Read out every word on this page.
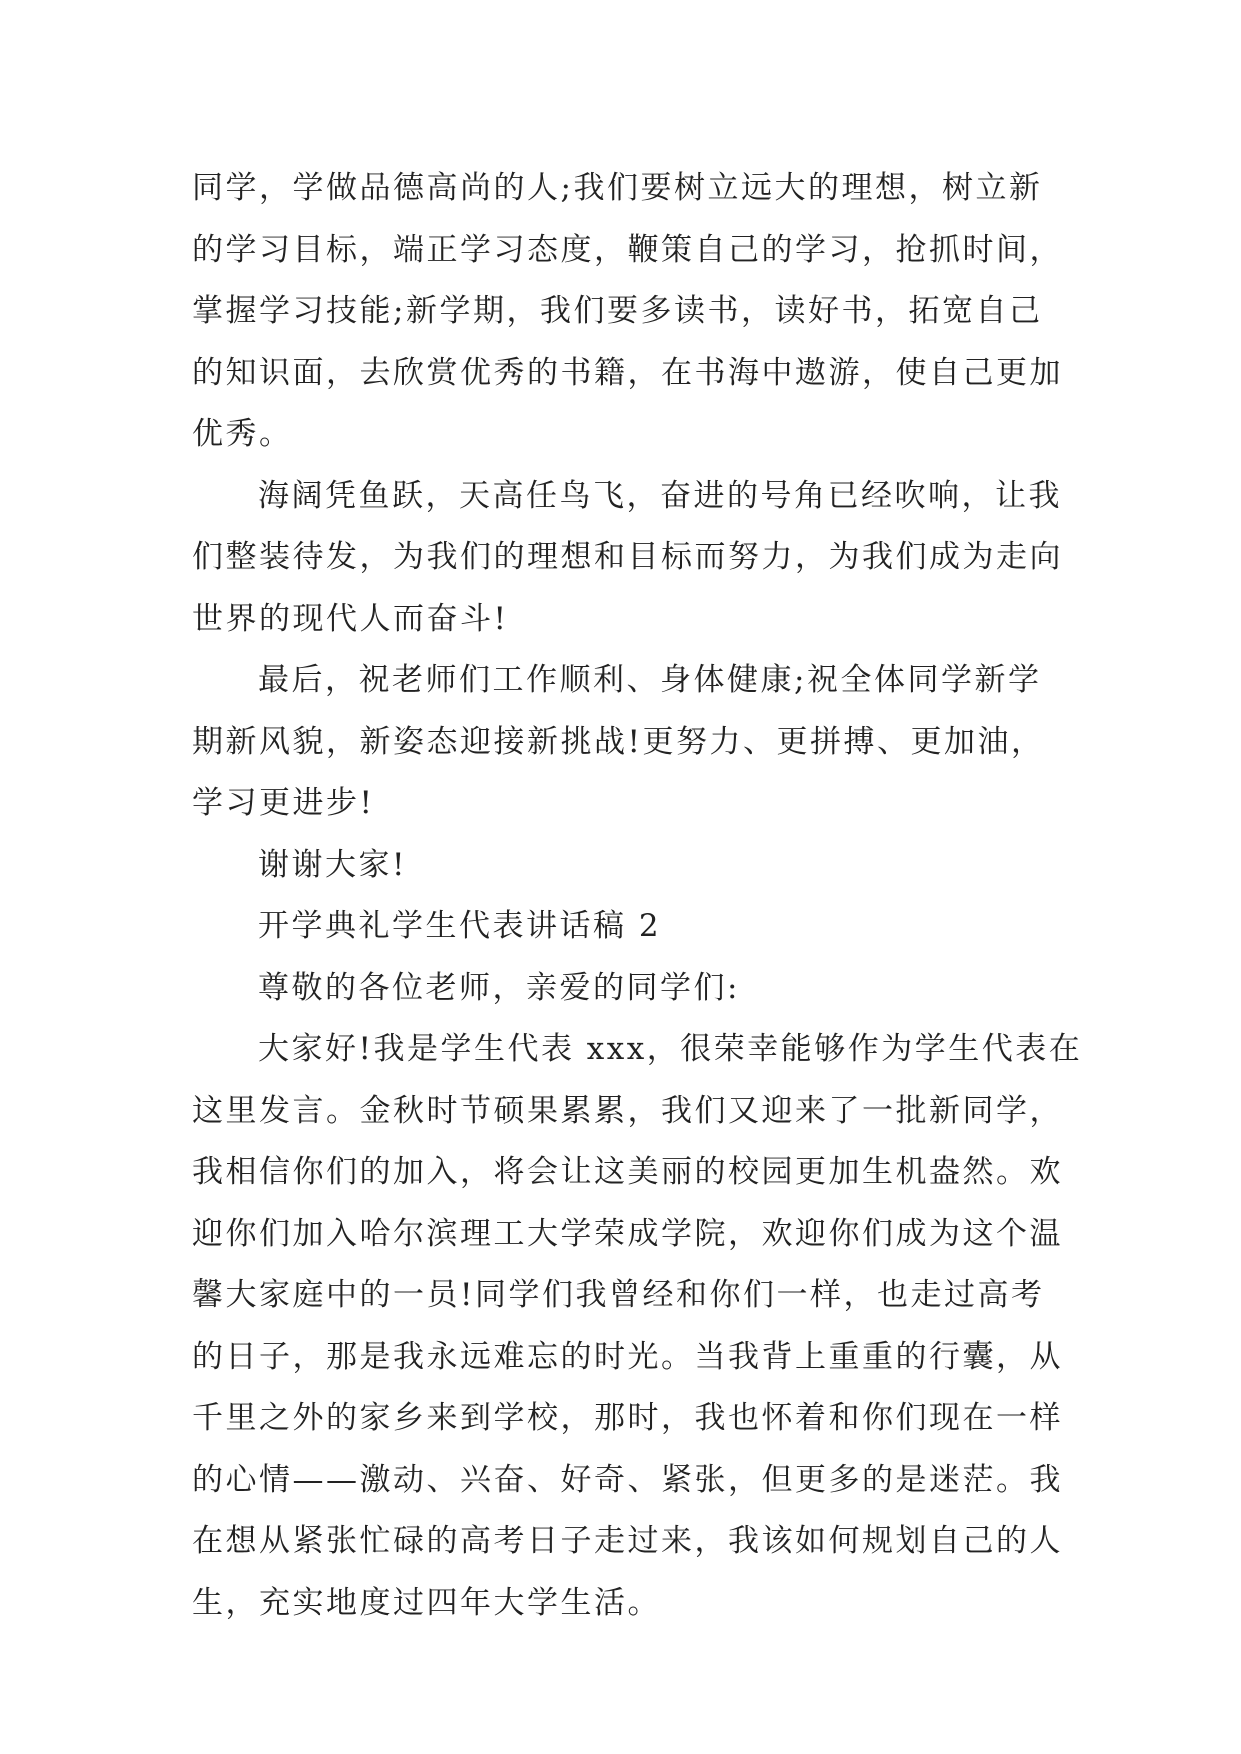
同学，学做品德高尚的人;我们要树立远大的理想，树立新
的学习目标，端正学习态度，鞭策自己的学习，抢抓时间，
掌握学习技能;新学期，我们要多读书，读好书，拓宽自己
的知识面，去欣赏优秀的书籍，在书海中遨游，使自己更加
优秀。

海阔凭鱼跃，天高任鸟飞，奋进的号角已经吹响，让我
们整装待发，为我们的理想和目标而努力，为我们成为走向
世界的现代人而奋斗!

最后，祝老师们工作顺利、身体健康;祝全体同学新学
期新风貌，新姿态迎接新挑战!更努力、更拼搏、更加油，
学习更进步!

谢谢大家!

开学典礼学生代表讲话稿 2

尊敬的各位老师，亲爱的同学们:

大家好!我是学生代表 xxx，很荣幸能够作为学生代表在
这里发言。金秋时节硕果累累，我们又迎来了一批新同学，
我相信你们的加入，将会让这美丽的校园更加生机盎然。欢
迎你们加入哈尔滨理工大学荣成学院，欢迎你们成为这个温
馨大家庭中的一员!同学们我曾经和你们一样，也走过高考
的日子，那是我永远难忘的时光。当我背上重重的行囊，从
千里之外的家乡来到学校，那时，我也怀着和你们现在一样
的心情——激动、兴奋、好奇、紧张，但更多的是迷茫。我
在想从紧张忙碌的高考日子走过来，我该如何规划自己的人
生，充实地度过四年大学生活。
